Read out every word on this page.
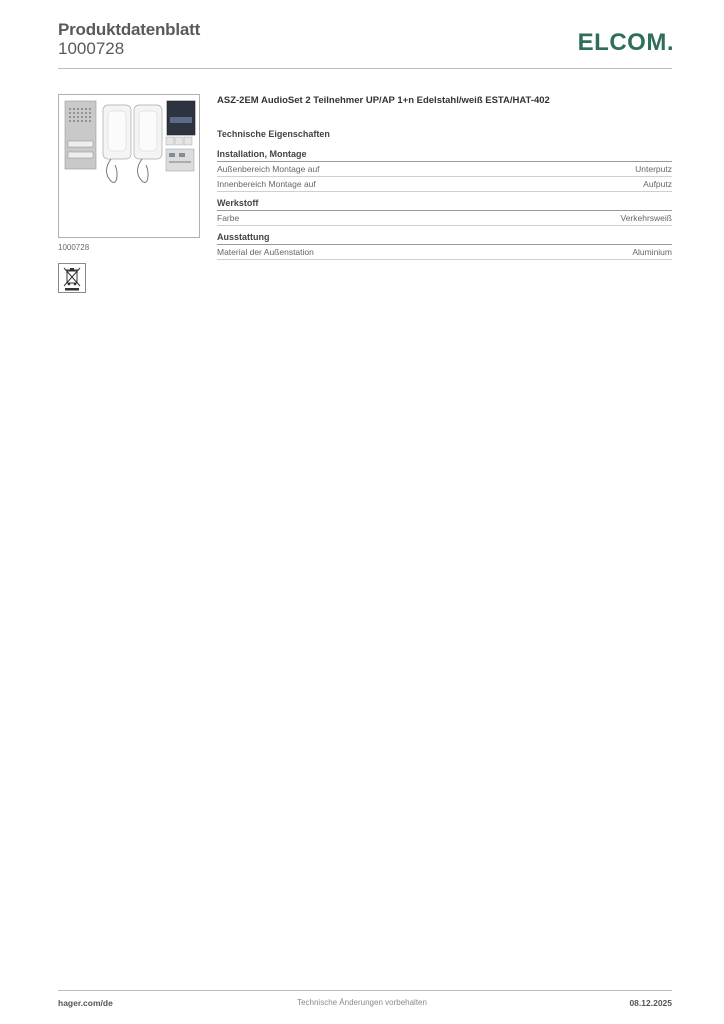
Produktdatenblatt
1000728	ELCOM.
1000728
ASZ-2EM AudioSet 2 Teilnehmer UP/AP 1+n Edelstahl/weiß ESTA/HAT-402
Technische Eigenschaften
Installation, Montage
Außenbereich Montage auf	Unterputz
Innenbereich Montage auf	Aufputz
Werkstoff
Farbe	Verkehrsweiß
Ausstattung
Material der Außenstation	Aluminium
hager.com/de	Technische Änderungen vorbehalten	08.12.2025
